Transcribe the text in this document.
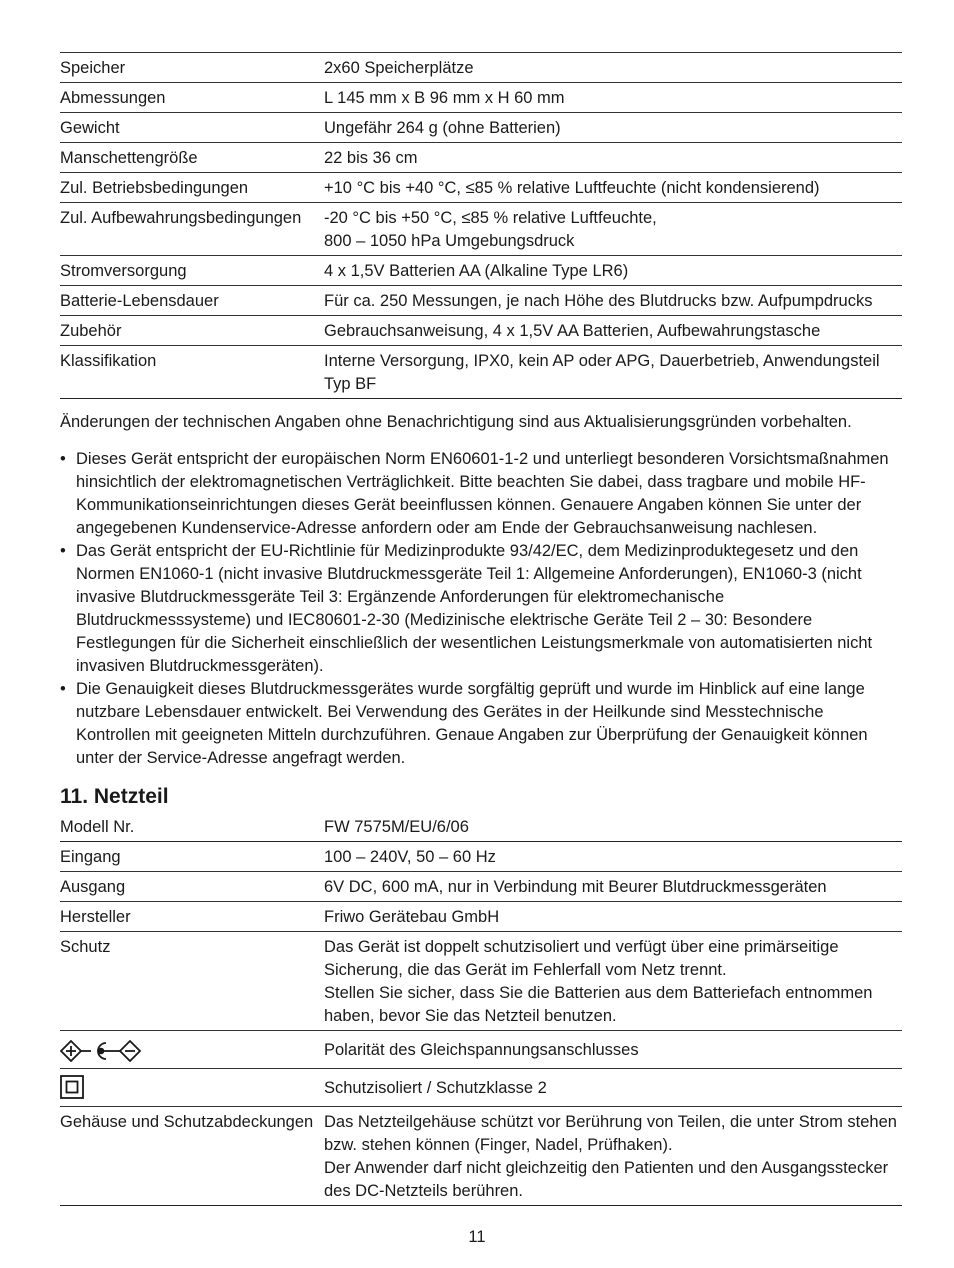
Speicher	2x60 Speicherplätze
Abmessungen	L 145 mm x B 96 mm x H 60 mm
Gewicht	Ungefähr 264 g (ohne Batterien)
Manschettengröße	22 bis 36 cm
Zul. Betriebsbedingungen	+10 °C bis +40 °C, ≤85 % relative Luftfeuchte (nicht kondensierend)
Zul. Aufbewahrungsbedingungen	-20 °C bis +50 °C, ≤85 % relative Luftfeuchte,
800 – 1050 hPa Umgebungsdruck
Stromversorgung	4 x 1,5V Batterien AA (Alkaline Type LR6)
Batterie-Lebensdauer	Für ca. 250 Messungen, je nach Höhe des Blutdrucks bzw. Aufpumpdrucks
Zubehör	Gebrauchsanweisung, 4 x 1,5V AA Batterien, Aufbewahrungstasche
Klassifikation	Interne Versorgung, IPX0, kein AP oder APG, Dauerbetrieb, Anwendungsteil
Typ BF

Änderungen der technischen Angaben ohne Benachrichtigung sind aus Aktualisierungsgründen vorbehalten.

• Dieses Gerät entspricht der europäischen Norm EN60601-1-2 und unterliegt besonderen Vorsichtsmaßnahmen hinsichtlich der elektromagnetischen Verträglichkeit. Bitte beachten Sie dabei, dass tragbare und mobile HF-Kommunikationseinrichtungen dieses Gerät beeinflussen können. Genauere Angaben können Sie unter der angegebenen Kundenservice-Adresse anfordern oder am Ende der Gebrauchsanweisung nachlesen.
• Das Gerät entspricht der EU-Richtlinie für Medizinprodukte 93/42/EC, dem Medizinproduktegesetz und den Normen EN1060-1 (nicht invasive Blutdruckmessgeräte Teil 1: Allgemeine Anforderungen), EN1060-3 (nicht invasive Blutdruckmessgeräte Teil 3: Ergänzende Anforderungen für elektromechanische Blutdruckmesssysteme) und IEC80601-2-30 (Medizinische elektrische Geräte Teil 2 – 30: Besondere Festlegungen für die Sicherheit einschließlich der wesentlichen Leistungsmerkmale von automatisierten nicht invasiven Blutdruckmessgeräten).
• Die Genauigkeit dieses Blutdruckmessgerätes wurde sorgfältig geprüft und wurde im Hinblick auf eine lange nutzbare Lebensdauer entwickelt. Bei Verwendung des Gerätes in der Heilkunde sind Messtechnische Kontrollen mit geeigneten Mitteln durchzuführen. Genaue Angaben zur Überprüfung der Genauigkeit können unter der Service-Adresse angefragt werden.
11. Netzteil
Modell Nr.	FW 7575M/EU/6/06
Eingang	100 – 240V, 50 – 60 Hz
Ausgang	6V DC, 600 mA, nur in Verbindung mit Beurer Blutdruckmessgeräten
Hersteller	Friwo Gerätebau GmbH
Schutz	Das Gerät ist doppelt schutzisoliert und verfügt über eine primärseitige Sicherung, die das Gerät im Fehlerfall vom Netz trennt.
Stellen Sie sicher, dass Sie die Batterien aus dem Batteriefach entnommen haben, bevor Sie das Netzteil benutzen.
	Polarität des Gleichspannungsanschlusses
	Schutzisoliert / Schutzklasse 2
Gehäuse und Schutzabdeckungen	Das Netzteilgehäuse schützt vor Berührung von Teilen, die unter Strom stehen bzw. stehen können (Finger, Nadel, Prüfhaken).
Der Anwender darf nicht gleichzeitig den Patienten und den Ausgangsstecker des DC-Netzteils berühren.
11
